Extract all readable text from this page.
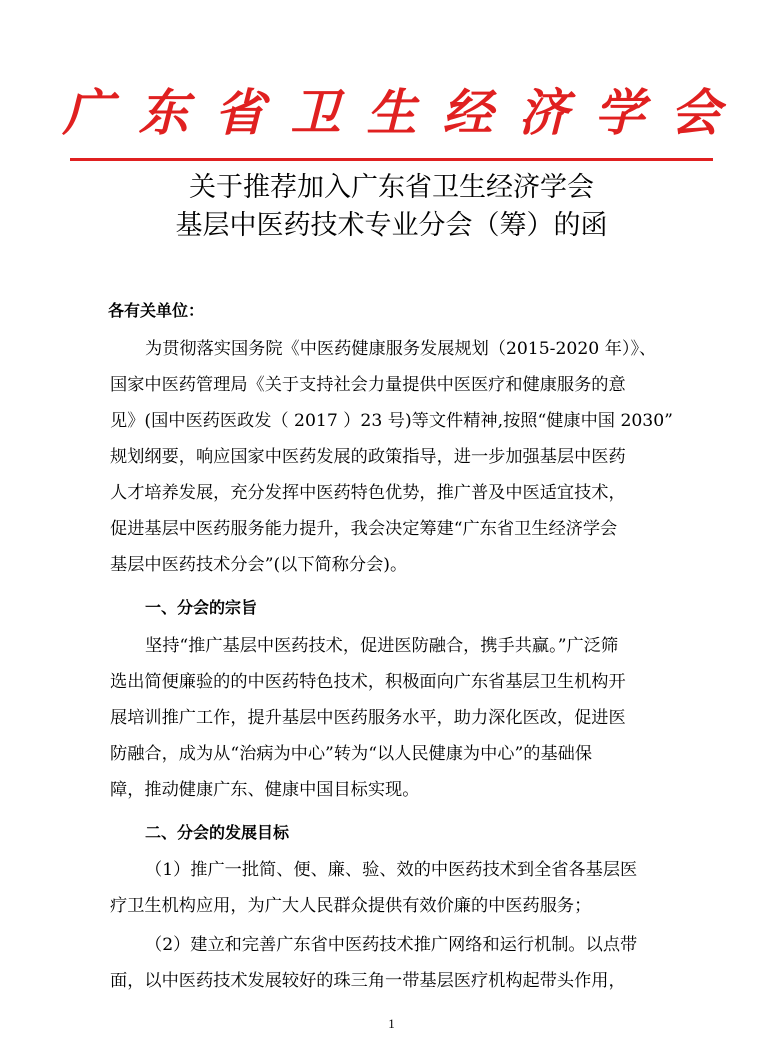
广东省卫生经济学会
关于推荐加入广东省卫生经济学会
基层中医药技术专业分会（筹）的函
各有关单位：
为贯彻落实国务院《中医药健康服务发展规划（2015-2020 年）》、
国家中医药管理局《关于支持社会力量提供中医医疗和健康服务的意
见》(国中医药医政发（ 2017 ）23 号)等文件精神,按照“健康中国 2030”
规划纲要，响应国家中医药发展的政策指导，进一步加强基层中医药
人才培养发展，充分发挥中医药特色优势，推广普及中医适宜技术，
促进基层中医药服务能力提升，我会决定筹建“广东省卫生经济学会
基层中医药技术分会”(以下简称分会)。
一、分会的宗旨
坚持“推广基层中医药技术，促进医防融合，携手共赢。”广泛筛
选出简便廉验的的中医药特色技术，积极面向广东省基层卫生机构开
展培训推广工作，提升基层中医药服务水平，助力深化医改，促进医
防融合，成为从“治病为中心”转为“以人民健康为中心”的基础保
障，推动健康广东、健康中国目标实现。
二、分会的发展目标
（1）推广一批简、便、廉、验、效的中医药技术到全省各基层医
疗卫生机构应用，为广大人民群众提供有效价廉的中医药服务；
（2）建立和完善广东省中医药技术推广网络和运行机制。以点带
面，以中医药技术发展较好的珠三角一带基层医疗机构起带头作用，
1
